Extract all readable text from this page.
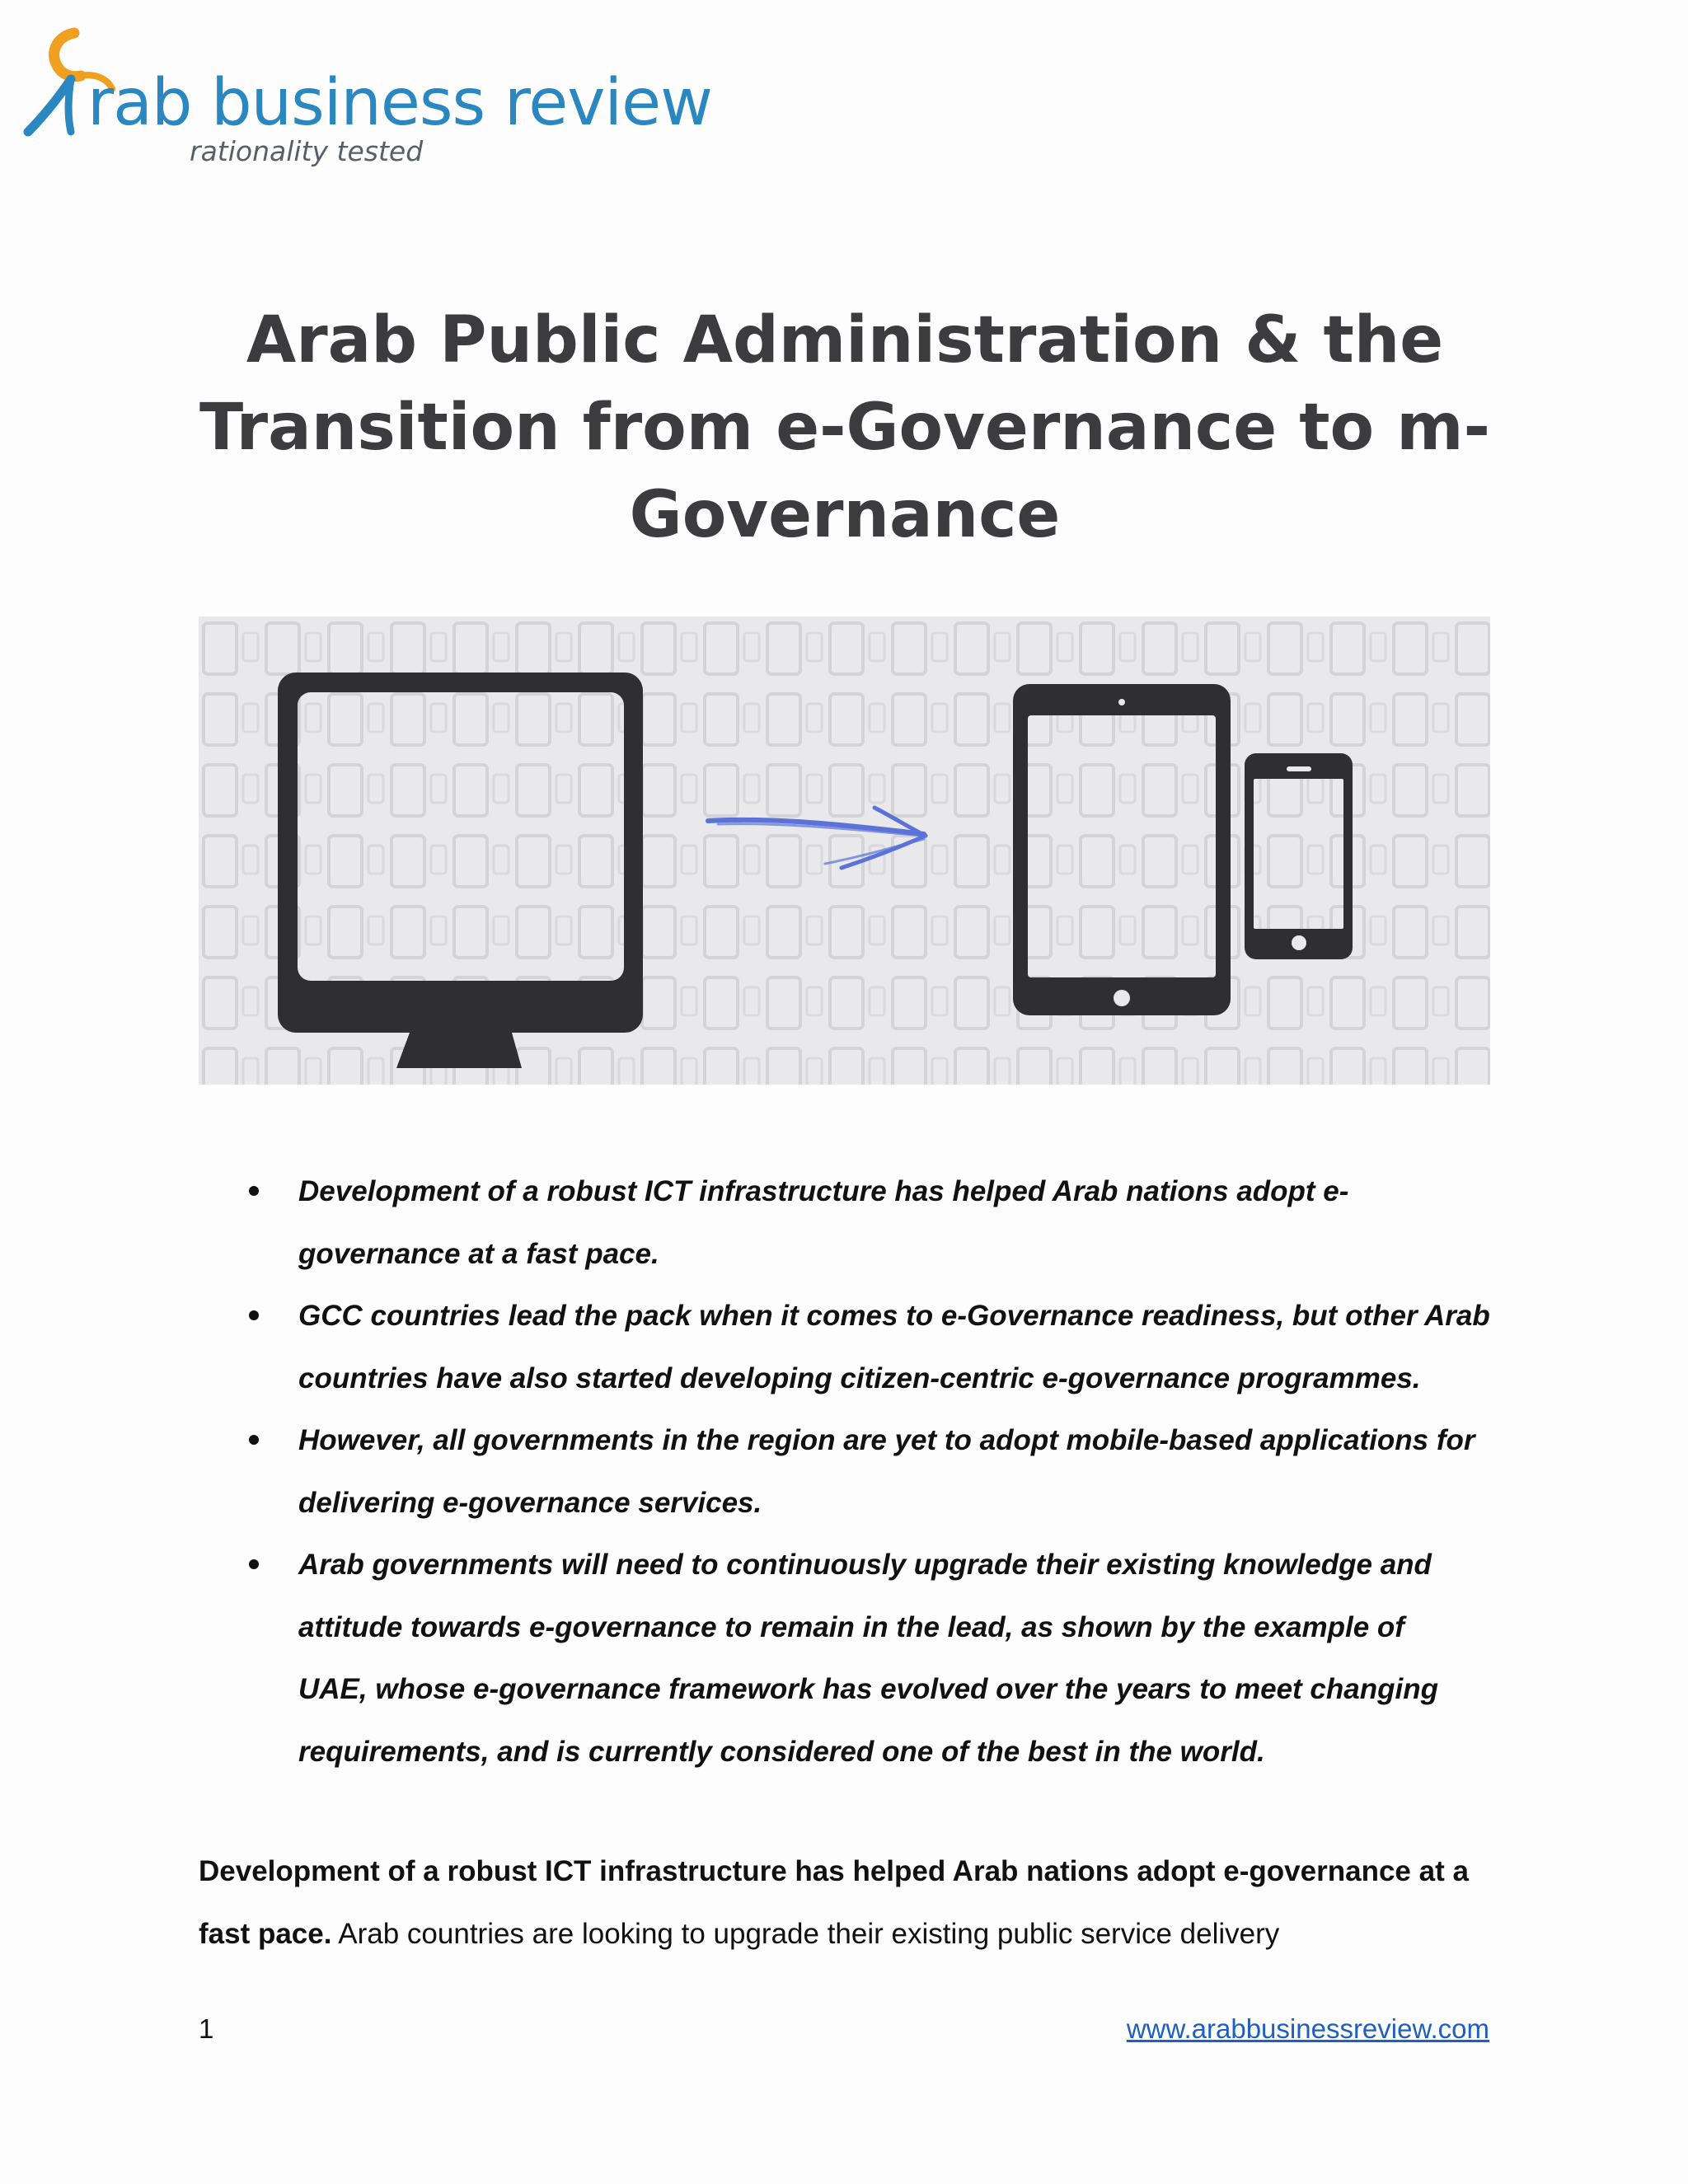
rab business review
rationality tested
Arab Public Administration & the
Transition from e-Governance to m-
Governance
Development of a robust ICT infrastructure has helped Arab nations adopt e-
governance at a fast pace.
GCC countries lead the pack when it comes to e-Governance readiness, but other Arab
countries have also started developing citizen-centric e-governance programmes.
However, all governments in the region are yet to adopt mobile-based applications for
delivering e-governance services.
Arab governments will need to continuously upgrade their existing knowledge and
attitude towards e-governance to remain in the lead, as shown by the example of
UAE, whose e-governance framework has evolved over the years to meet changing
requirements, and is currently considered one of the best in the world.

Development of a robust ICT infrastructure has helped Arab nations adopt e-governance at a
fast pace. Arab countries are looking to upgrade their existing public service delivery

1	www.arabbusinessreview.com
